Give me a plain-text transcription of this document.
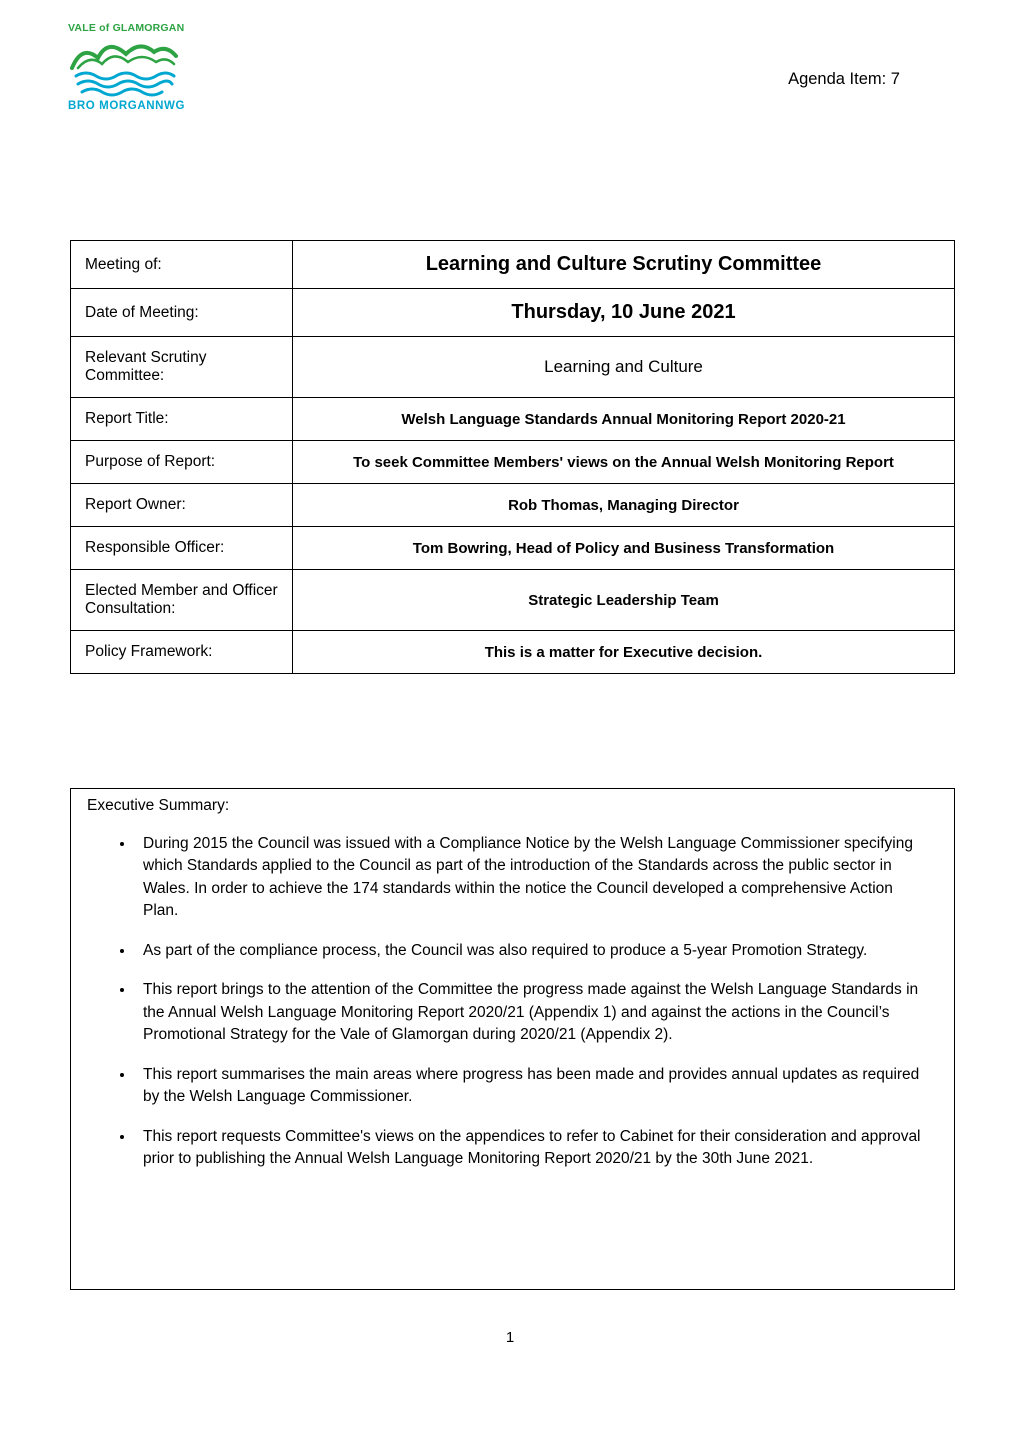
VALE of GLAMORGAN
BRO MORGANNWG
Agenda Item: 7
Meeting of:	Learning and Culture Scrutiny Committee
Date of Meeting:	Thursday, 10 June 2021
Relevant Scrutiny Committee:	Learning and Culture
Report Title:	Welsh Language Standards Annual Monitoring Report 2020-21
Purpose of Report:	To seek Committee Members' views on the Annual Welsh Monitoring Report
Report Owner:	Rob Thomas, Managing Director
Responsible Officer:	Tom Bowring, Head of Policy and Business Transformation
Elected Member and Officer Consultation:	Strategic Leadership Team
Policy Framework:	This is a matter for Executive decision.

Executive Summary:

• During 2015 the Council was issued with a Compliance Notice by the Welsh Language Commissioner specifying which Standards applied to the Council as part of the introduction of the Standards across the public sector in Wales. In order to achieve the 174 standards within the notice the Council developed a comprehensive Action Plan.
• As part of the compliance process, the Council was also required to produce a 5-year Promotion Strategy.
• This report brings to the attention of the Committee the progress made against the Welsh Language Standards in the Annual Welsh Language Monitoring Report 2020/21 (Appendix 1) and against the actions in the Council’s Promotional Strategy for the Vale of Glamorgan during 2020/21 (Appendix 2).
• This report summarises the main areas where progress has been made and provides annual updates as required by the Welsh Language Commissioner.
• This report requests Committee's views on the appendices to refer to Cabinet for their consideration and approval prior to publishing the Annual Welsh Language Monitoring Report 2020/21 by the 30th June 2021.
1
